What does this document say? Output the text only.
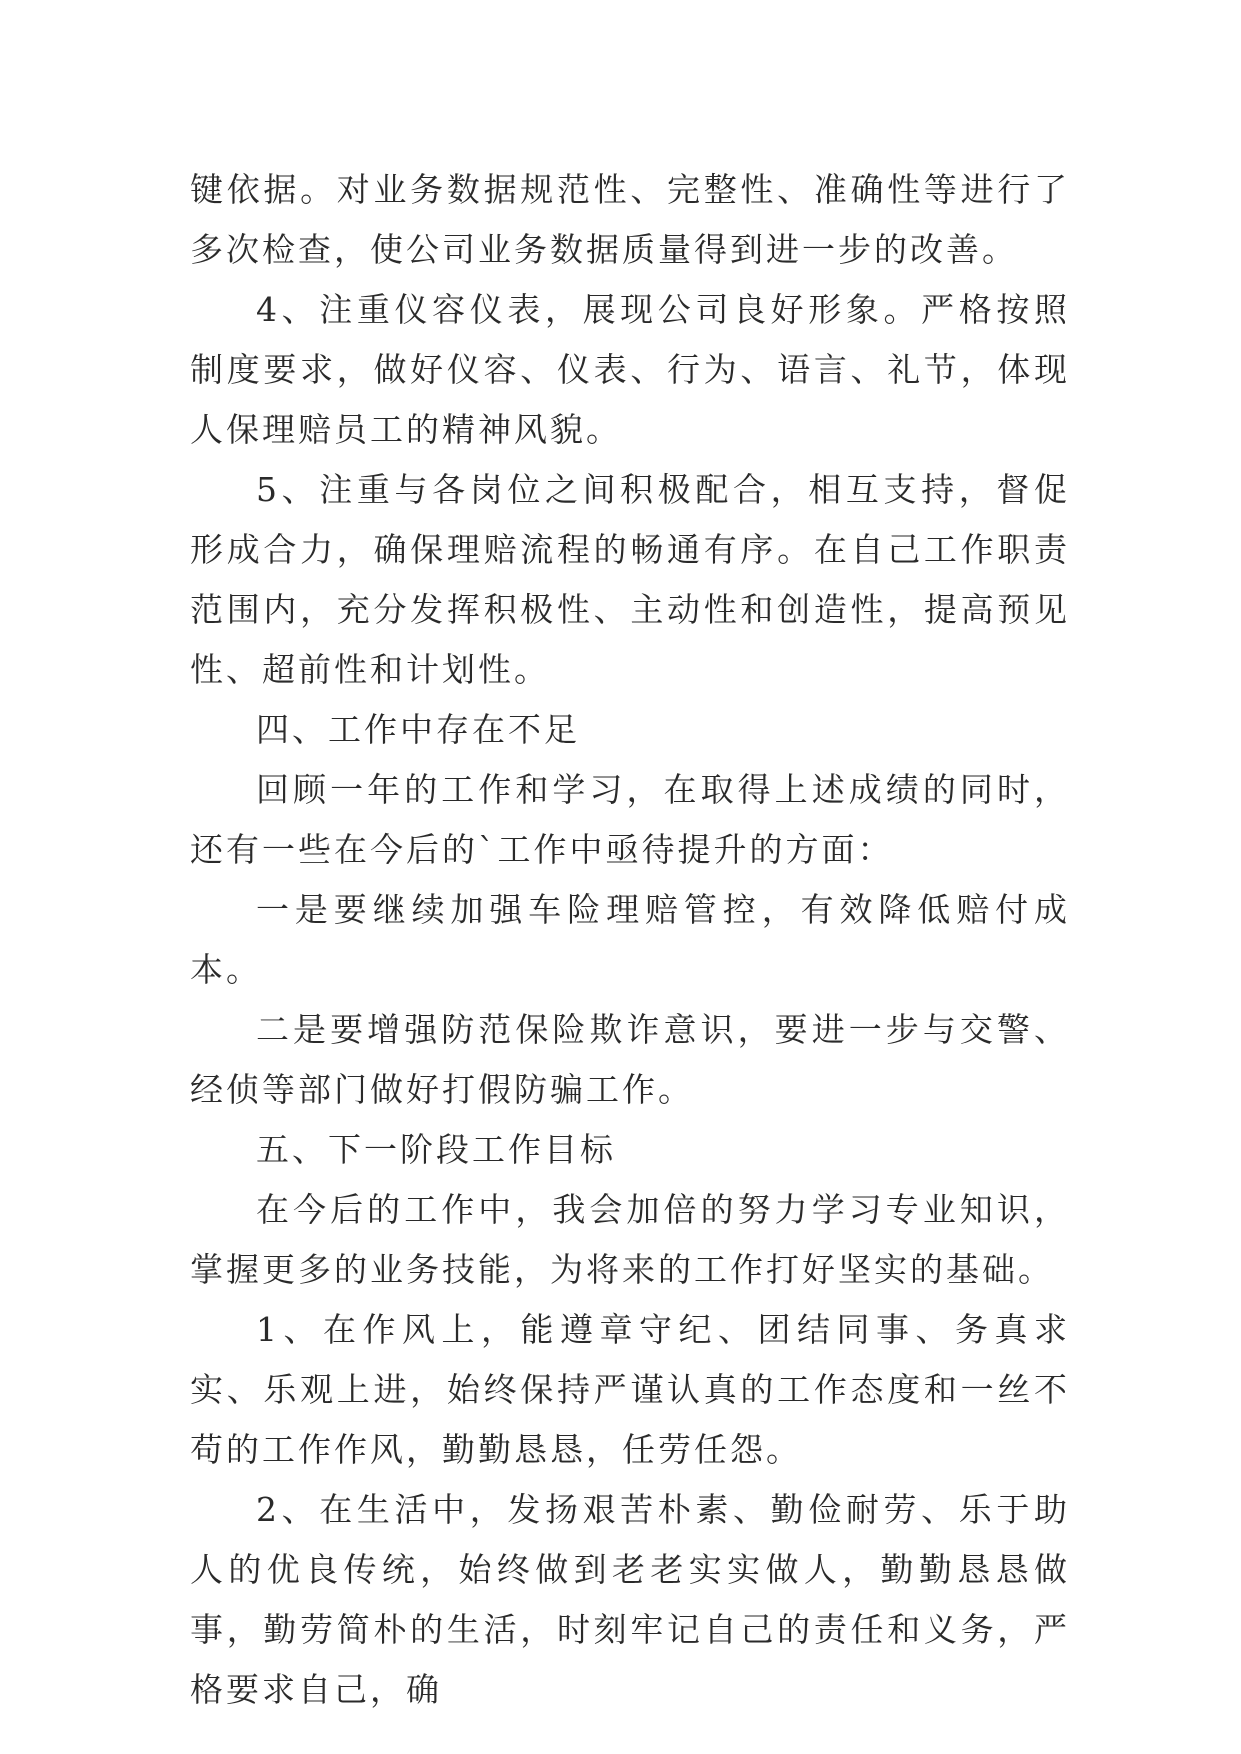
键依据。对业务数据规范性、完整性、准确性等进行了多次检查，使公司业务数据质量得到进一步的改善。

4、注重仪容仪表，展现公司良好形象。严格按照制度要求，做好仪容、仪表、行为、语言、礼节，体现人保理赔员工的精神风貌。

5、注重与各岗位之间积极配合，相互支持，督促形成合力，确保理赔流程的畅通有序。在自己工作职责范围内，充分发挥积极性、主动性和创造性，提高预见性、超前性和计划性。

四、工作中存在不足

回顾一年的工作和学习，在取得上述成绩的同时，还有一些在今后的`工作中亟待提升的方面：

一是要继续加强车险理赔管控，有效降低赔付成本。

二是要增强防范保险欺诈意识，要进一步与交警、经侦等部门做好打假防骗工作。

五、下一阶段工作目标

在今后的工作中，我会加倍的努力学习专业知识，掌握更多的业务技能，为将来的工作打好坚实的基础。

1、在作风上，能遵章守纪、团结同事、务真求实、乐观上进，始终保持严谨认真的工作态度和一丝不苟的工作作风，勤勤恳恳，任劳任怨。

2、在生活中，发扬艰苦朴素、勤俭耐劳、乐于助人的优良传统，始终做到老老实实做人，勤勤恳恳做事，勤劳简朴的生活，时刻牢记自己的责任和义务，严格要求自己，确
